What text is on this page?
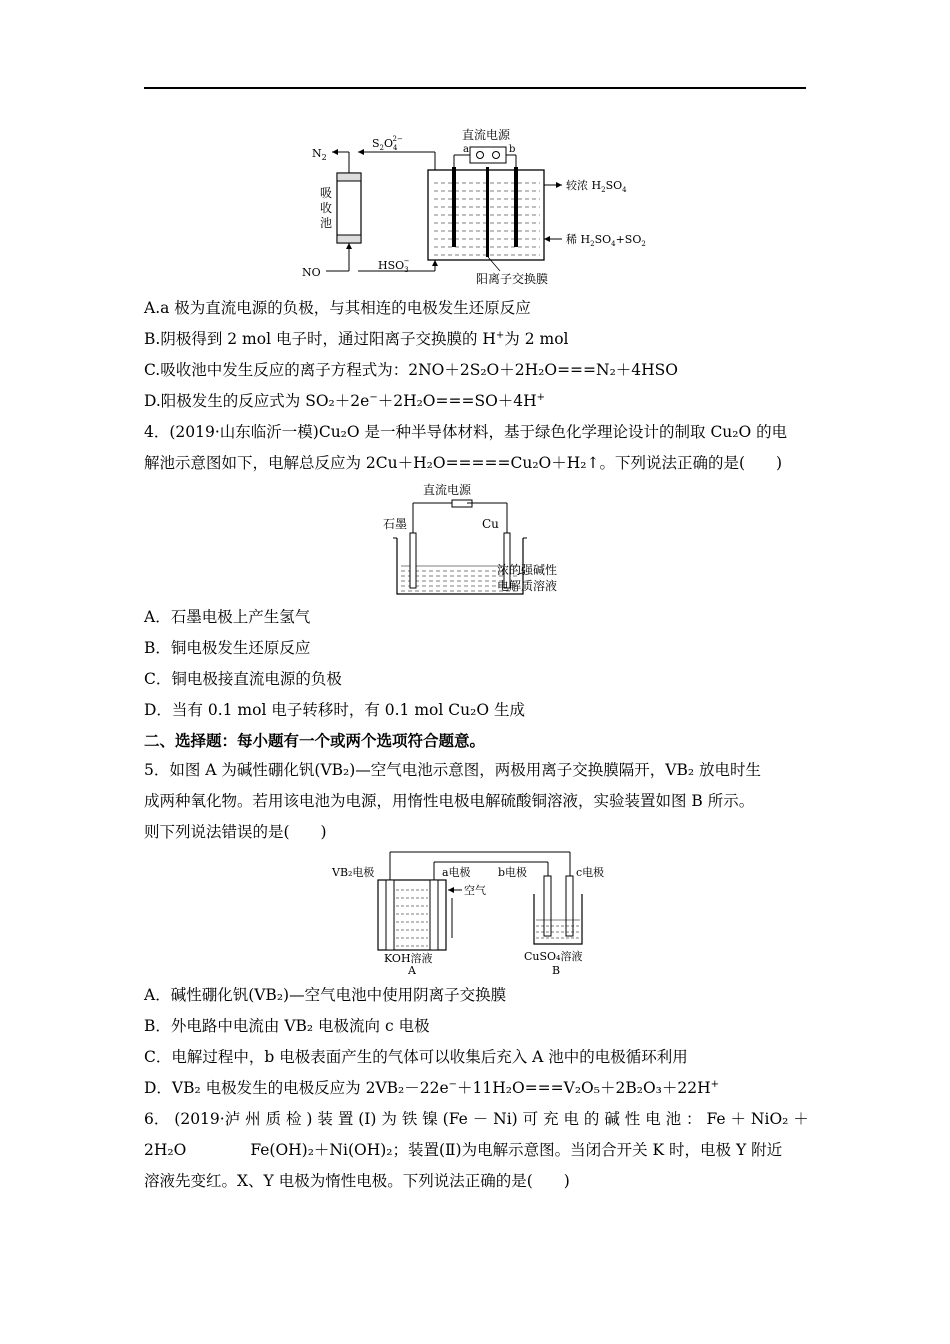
吸
收
池
$N_2$
NO
$S_2O_42-$
$HSO_3-$
直流电源
a	b
较浓 $H_2SO_4$
稀 $H_2SO_4+SO_2$
阳离子交换膜
A.a 极为直流电源的负极，与其相连的电极发生还原反应
B.阴极得到 2 mol 电子时，通过阳离子交换膜的 H+为 2 mol
C.吸收池中发生反应的离子方程式为：2NO＋2S₂O＋2H₂O===N₂＋4HSO
D.阳极发生的反应式为 SO₂＋2e−＋2H₂O===SO＋4H+
4．(2019·山东临沂一模)Cu₂O 是一种半导体材料，基于绿色化学理论设计的制取 Cu₂O 的电
解池示意图如下，电解总反应为 2Cu＋H₂O=====Cu₂O＋H₂↑。下列说法正确的是(　　)
直流电源
石墨	Cu
浓的强碱性
电解质溶液
A．石墨电极上产生氢气
B．铜电极发生还原反应
C．铜电极接直流电源的负极
D．当有 0.1 mol 电子转移时，有 0.1 mol Cu₂O 生成
二、选择题：每小题有一个或两个选项符合题意。
5．如图 A 为碱性硼化钒(VB₂)—空气电池示意图，两极用离子交换膜隔开，VB₂ 放电时生
成两种氧化物。若用该电池为电源，用惰性电极电解硫酸铜溶液，实验装置如图 B 所示。
则下列说法错误的是(　　)
VB₂电极	a电极
空气
KOH溶液
A
b电极	c电极
CuSO₄溶液
B
A．碱性硼化钒(VB₂)—空气电池中使用阴离子交换膜
B．外电路中电流由 VB₂ 电极流向 c 电极
C．电解过程中，b 电极表面产生的气体可以收集后充入 A 池中的电极循环利用
D．VB₂ 电极发生的电极反应为 2VB₂－22e−＋11H₂O===V₂O₅＋2B₂O₃＋22H+
6． (2019·泸 州 质 检 ) 装 置 (Ⅰ) 为 铁 镍 (Fe － Ni) 可 充 电 的 碱 性 电 池 ： Fe ＋ NiO₂ ＋
2H₂O	Fe(OH)₂＋Ni(OH)₂；装置(Ⅱ)为电解示意图。当闭合开关 K 时，电极 Y 附近
溶液先变红。X、Y 电极为惰性电极。下列说法正确的是(　　)
